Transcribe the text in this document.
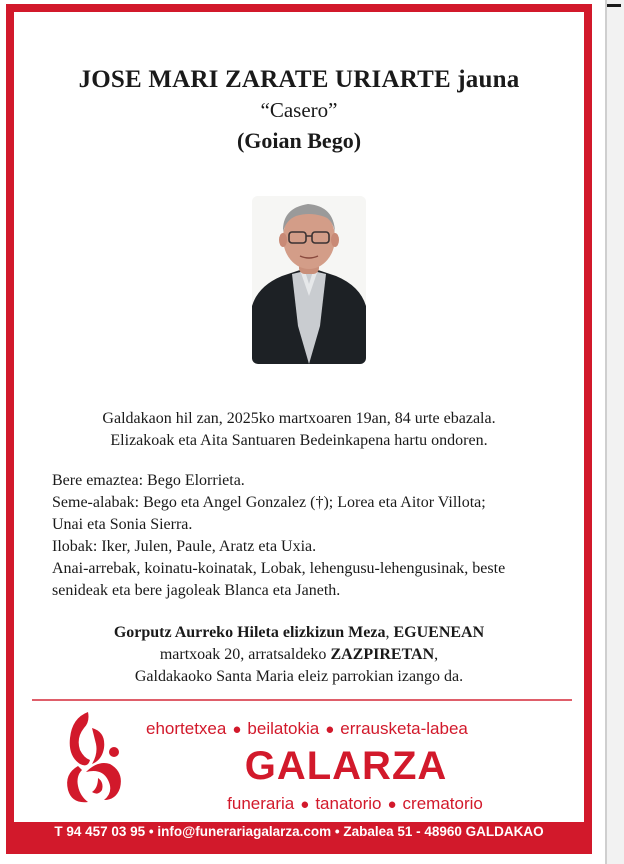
JOSE MARI ZARATE URIARTE jauna
“Casero”
(Goian Bego)
Galdakaon hil zan, 2025ko martxoaren 19an, 84 urte ebazala.
Elizakoak eta Aita Santuaren Bedeinkapena hartu ondoren.
Bere emaztea: Bego Elorrieta.
Seme-alabak: Bego eta Angel Gonzalez (†); Lorea eta Aitor Villota;
Unai eta Sonia Sierra.
Ilobak: Iker, Julen, Paule, Aratz eta Uxia.
Anai-arrebak, koinatu-koinatak, Lobak, lehengusu-lehengusinak, beste
senideak eta bere jagoleak Blanca eta Janeth.
Gorputz Aurreko Hileta elizkizun Meza, EGUENEAN
martxoak 20, arratsaldeko ZAZPIRETAN,
Galdakaoko Santa Maria eleiz parrokian izango da.
ehortetxea ● beilatokia ● errausketa-labea
GALARZA
funeraria ● tanatorio ● crematorio
T 94 457 03 95 • info@funerariagalarza.com • Zabalea 51 - 48960 GALDAKAO
